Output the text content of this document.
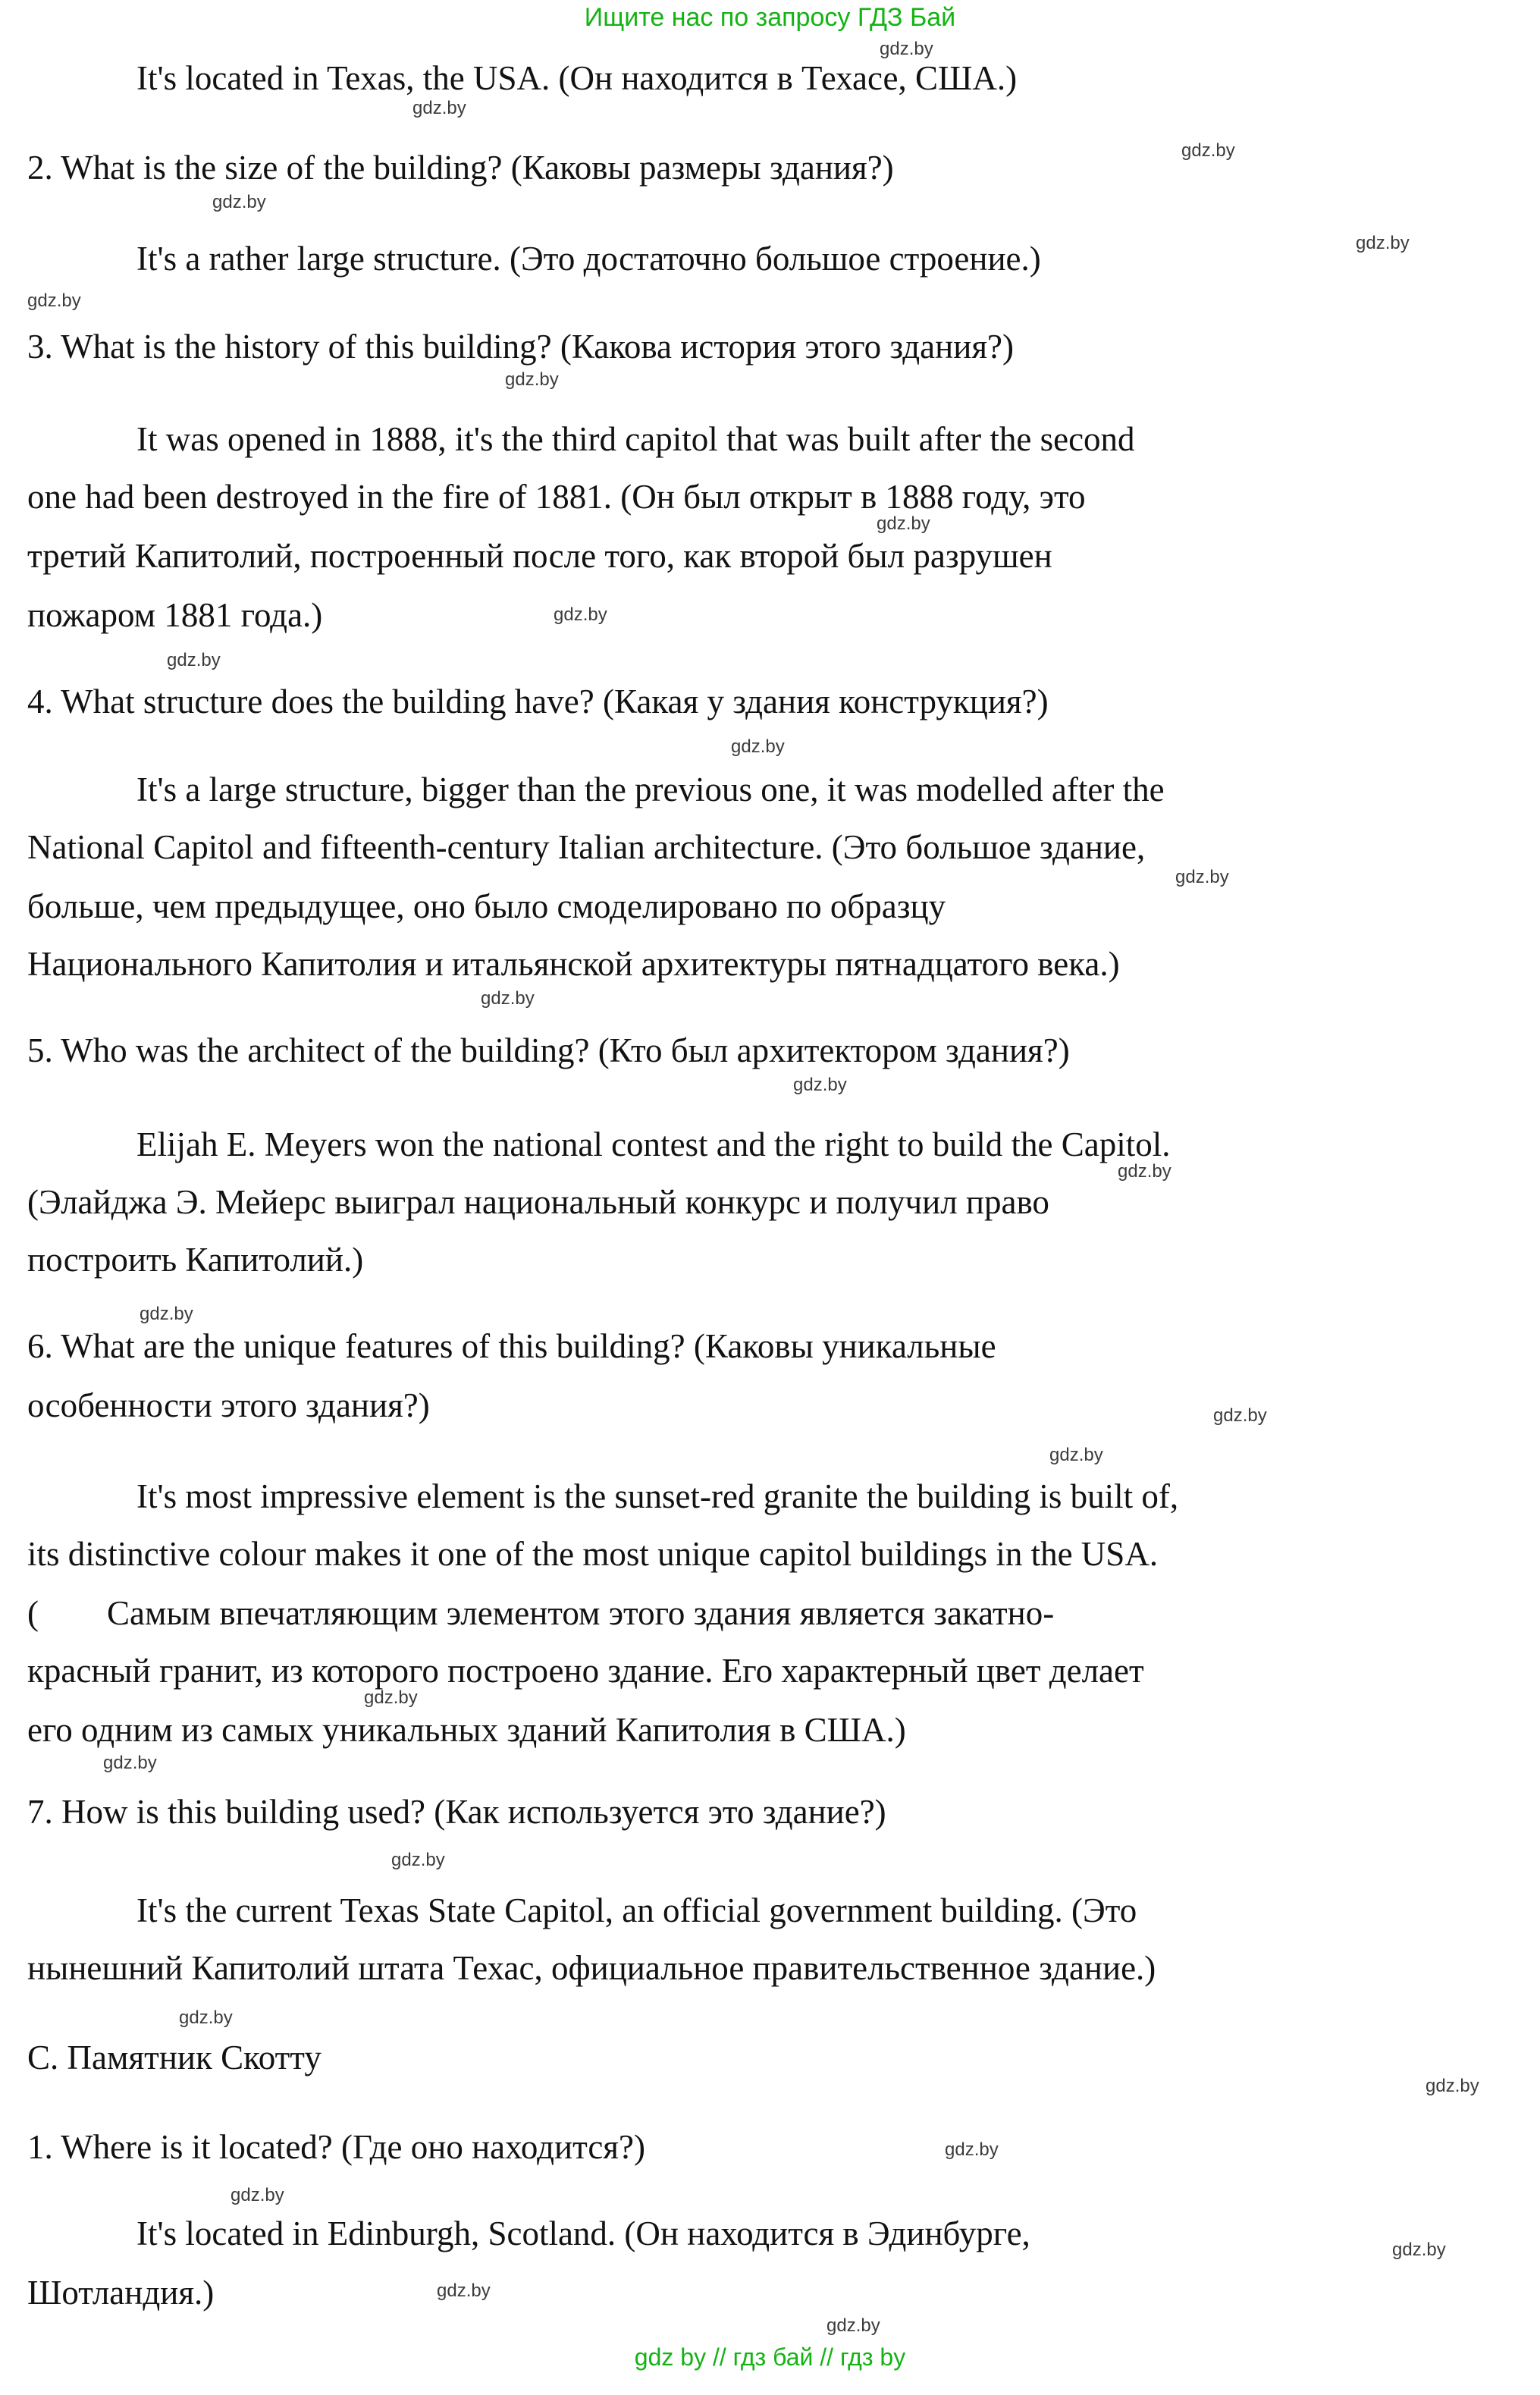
Ищите нас по запросу ГДЗ Бай
gdz.by
It's located in Texas, the USA. (Он находится в Техасе, США.)
gdz.by
gdz.by
2. What is the size of the building? (Каковы размеры здания?)
gdz.by
gdz.by
It's a rather large structure. (Это достаточно большое строение.)
gdz.by
3. What is the history of this building? (Какова история этого здания?)
gdz.by
It was opened in 1888, it's the third capitol that was built after the second
one had been destroyed in the fire of 1881. (Он был открыт в 1888 году, это
gdz.by
третий Капитолий, построенный после того, как второй был разрушен
пожаром 1881 года.)	gdz.by
gdz.by
4. What structure does the building have? (Какая у здания конструкция?)
gdz.by
It's a large structure, bigger than the previous one, it was modelled after the
National Capitol and fifteenth-century Italian architecture. (Это большое здание,
gdz.by
больше, чем предыдущее, оно было смоделировано по образцу
Национального Капитолия и итальянской архитектуры пятнадцатого века.)
gdz.by
5. Who was the architect of the building? (Кто был архитектором здания?)
gdz.by
Elijah E. Meyers won the national contest and the right to build the Capitol.
gdz.by
(Элайджа Э. Мейерс выиграл национальный конкурс и получил право
построить Капитолий.)
gdz.by
6. What are the unique features of this building? (Каковы уникальные
особенности этого здания?)	gdz.by
gdz.by
It's most impressive element is the sunset-red granite the building is built of,
its distinctive colour makes it one of the most unique capitol buildings in the USA.
(        Самым впечатляющим элементом этого здания является закатно-
красный гранит, из которого построено здание. Его характерный цвет делает
gdz.by
его одним из самых уникальных зданий Капитолия в США.)
gdz.by
7. How is this building used? (Как используется это здание?)
gdz.by
It's the current Texas State Capitol, an official government building. (Это
нынешний Капитолий штата Техас, официальное правительственное здание.)
gdz.by
C. Памятник Скотту
gdz.by
1. Where is it located? (Где оно находится?)	gdz.by
gdz.by
It's located in Edinburgh, Scotland. (Он находится в Эдинбурге,	gdz.by
Шотландия.)	gdz.by
gdz.by
gdz by // гдз бай // гдз by
